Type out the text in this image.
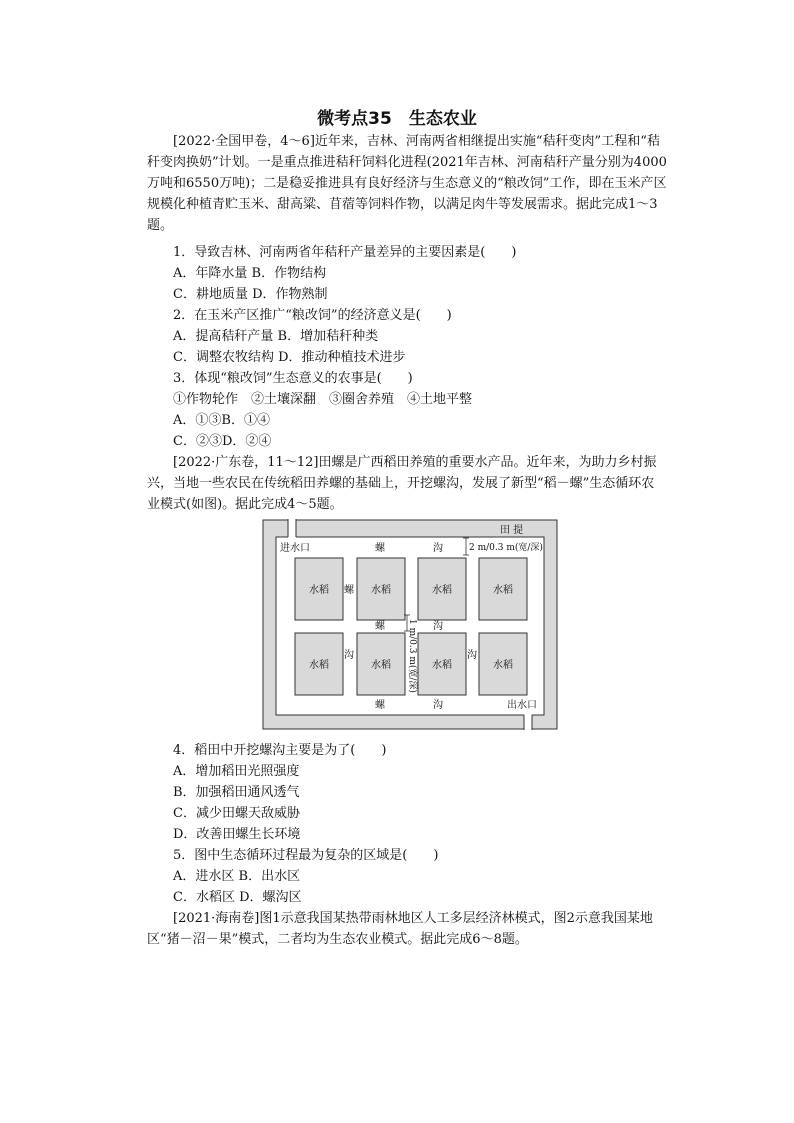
微考点35　生态农业
[2022·全国甲卷，4～6]近年来，吉林、河南两省相继提出实施“秸秆变肉”工程和“秸秆变肉换奶”计划。一是重点推进秸秆饲料化进程(2021年吉林、河南秸秆产量分别为4000万吨和6550万吨)；二是稳妥推进具有良好经济与生态意义的“粮改饲”工作，即在玉米产区规模化种植青贮玉米、甜高粱、苜蓿等饲料作物，以满足肉牛等发展需求。据此完成1～3题。
1．导致吉林、河南两省年秸秆产量差异的主要因素是(　　)
A．年降水量 B．作物结构
C．耕地质量 D．作物熟制
2．在玉米产区推广“粮改饲”的经济意义是(　　)
A．提高秸秆产量 B．增加秸秆种类
C．调整农牧结构 D．推动种植技术进步
3．体现“粮改饲”生态意义的农事是(　　)
①作物轮作　②土壤深翻　③圈舍养殖　④土地平整
A．①③B．①④
C．②③D．②④
[2022·广东卷，11～12]田螺是广西稻田养殖的重要水产品。近年来，为助力乡村振兴，当地一些农民在传统稻田养螺的基础上，开挖螺沟，发展了新型“稻－螺”生态循环农业模式(如图)。据此完成4～5题。
水稻	水稻	水稻	水稻
水稻	水稻	水稻	水稻
田 提
进水口
出水口
螺	沟
螺
螺	沟
沟	沟
螺	沟
2 m/0.3 m(宽/深)
1 m/0.3 m(宽/深)
4．稻田中开挖螺沟主要是为了(　　)
A．增加稻田光照强度
B．加强稻田通风透气
C．减少田螺天敌威胁
D．改善田螺生长环境
5．图中生态循环过程最为复杂的区域是(　　)
A．进水区 B．出水区
C．水稻区 D．螺沟区
[2021·海南卷]图1示意我国某热带雨林地区人工多层经济林模式，图2示意我国某地区“猪－沼－果”模式，二者均为生态农业模式。据此完成6～8题。
